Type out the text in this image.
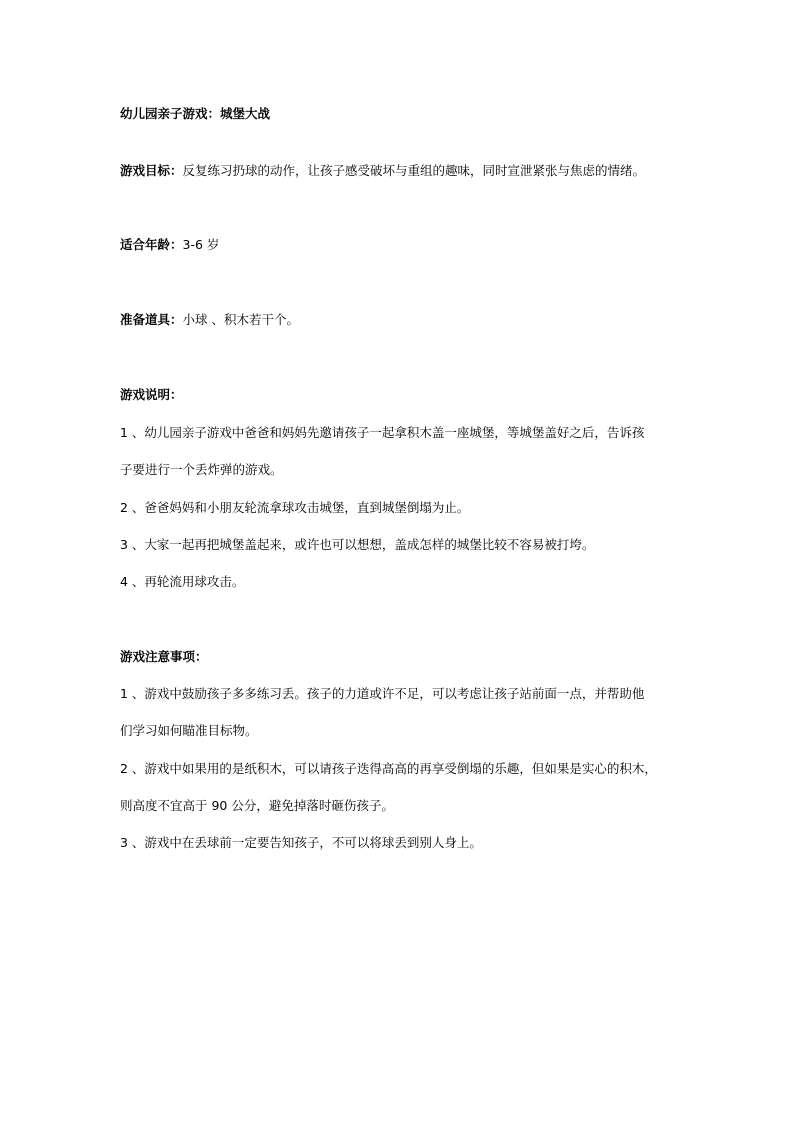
幼儿园亲子游戏：城堡大战
游戏目标：反复练习扔球的动作，让孩子感受破坏与重组的趣味，同时宣泄紧张与焦虑的情绪。
适合年龄：3-6 岁
准备道具：小球 、积木若干个。
游戏说明：
1 、幼儿园亲子游戏中爸爸和妈妈先邀请孩子一起拿积木盖一座城堡，等城堡盖好之后，告诉孩
子要进行一个丢炸弹的游戏。
2 、爸爸妈妈和小朋友轮流拿球攻击城堡，直到城堡倒塌为止。
3 、大家一起再把城堡盖起来，或许也可以想想，盖成怎样的城堡比较不容易被打垮。
4 、再轮流用球攻击。
游戏注意事项：
1 、游戏中鼓励孩子多多练习丢。孩子的力道或许不足，可以考虑让孩子站前面一点，并帮助他
们学习如何瞄准目标物。
2 、游戏中如果用的是纸积木，可以请孩子迭得高高的再享受倒塌的乐趣，但如果是实心的积木，
则高度不宜高于 90 公分，避免掉落时砸伤孩子。
3 、游戏中在丢球前一定要告知孩子，不可以将球丢到别人身上。
